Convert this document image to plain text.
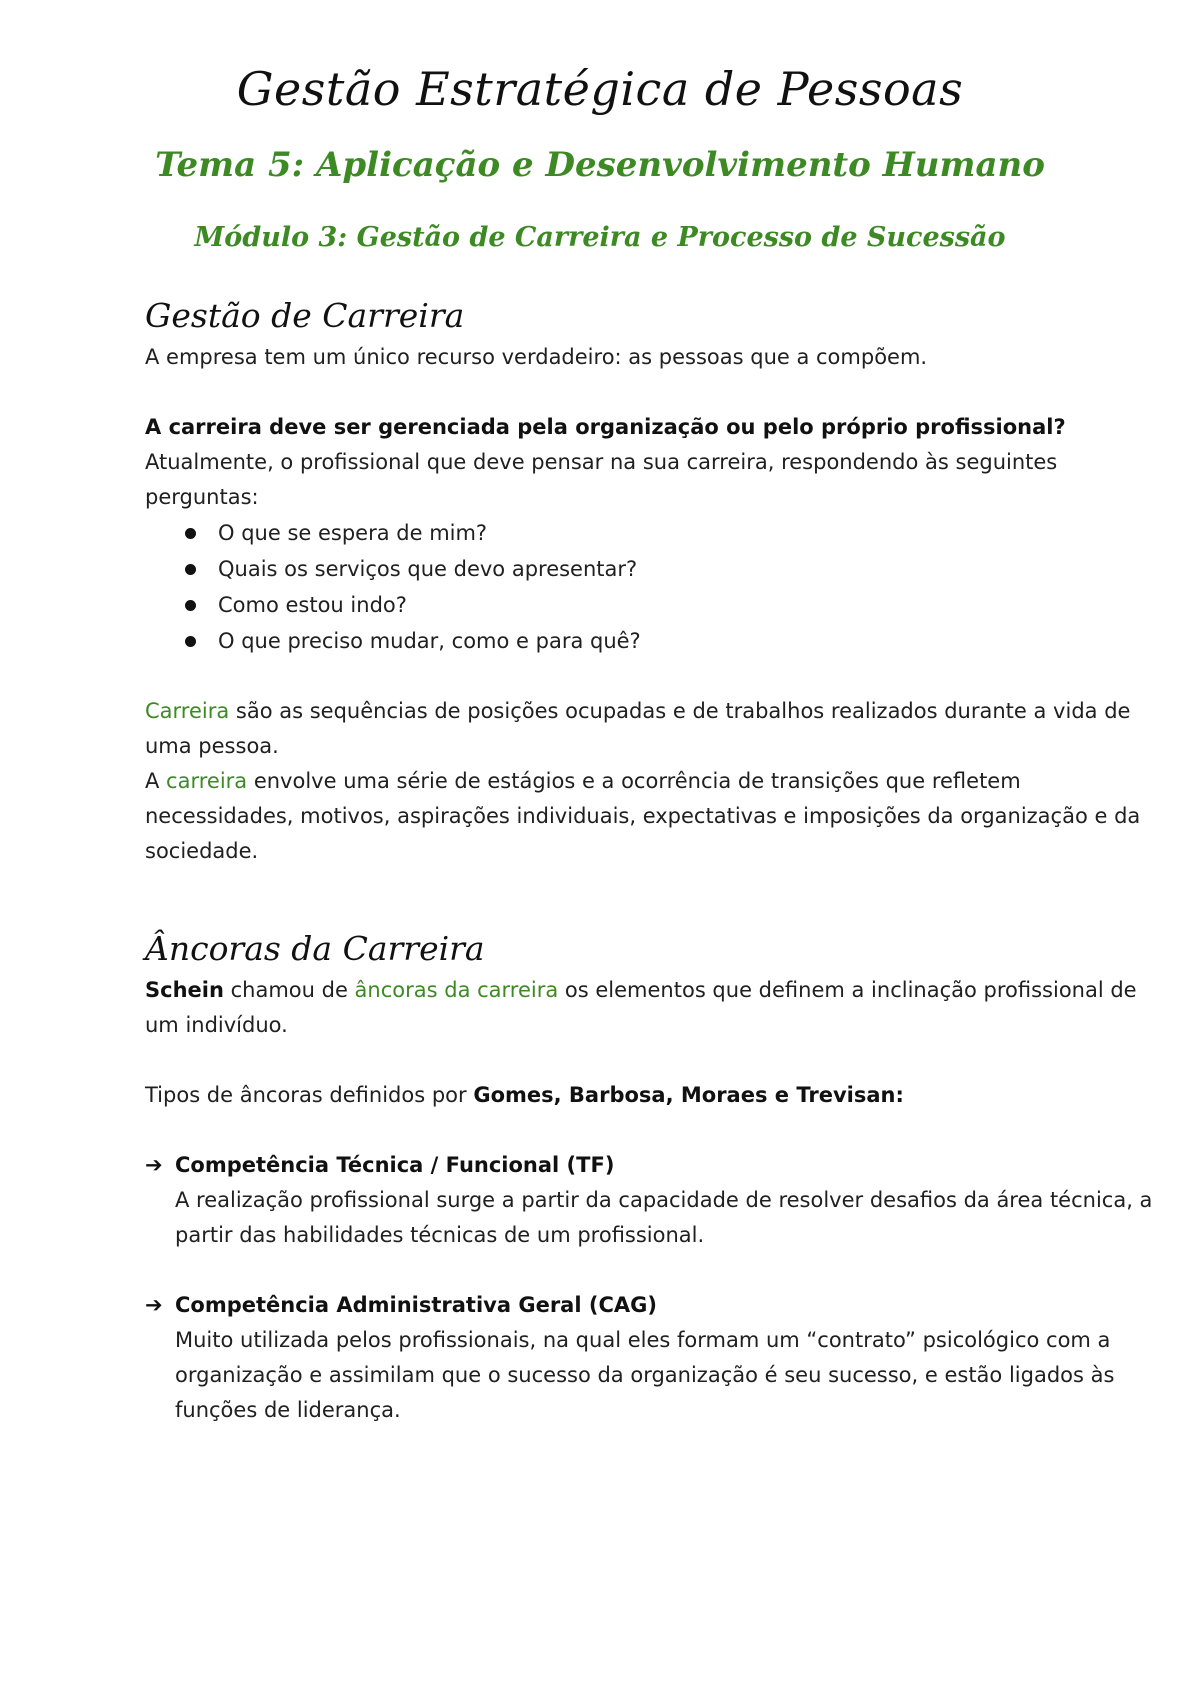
Gestão Estratégica de Pessoas
Tema 5: Aplicação e Desenvolvimento Humano
Módulo 3: Gestão de Carreira e Processo de Sucessão
Gestão de Carreira

A empresa tem um único recurso verdadeiro: as pessoas que a compõem.

A carreira deve ser gerenciada pela organização ou pelo próprio profissional?

Atualmente, o profissional que deve pensar na sua carreira, respondendo às seguintes perguntas:

O que se espera de mim?
Quais os serviços que devo apresentar?
Como estou indo?
O que preciso mudar, como e para quê?

Carreira são as sequências de posições ocupadas e de trabalhos realizados durante a vida de uma pessoa.

A carreira envolve uma série de estágios e a ocorrência de transições que refletem necessidades, motivos, aspirações individuais, expectativas e imposições da organização e da sociedade.

Âncoras da Carreira

Schein chamou de âncoras da carreira os elementos que definem a inclinação profissional de um indivíduo.

Tipos de âncoras definidos por Gomes, Barbosa, Moraes e Trevisan:

➔ Competência Técnica / Funcional (TF)
A realização profissional surge a partir da capacidade de resolver desafios da área técnica, a partir das habilidades técnicas de um profissional.
➔ Competência Administrativa Geral (CAG)
Muito utilizada pelos profissionais, na qual eles formam um “contrato” psicológico com a organização e assimilam que o sucesso da organização é seu sucesso, e estão ligados às funções de liderança.
